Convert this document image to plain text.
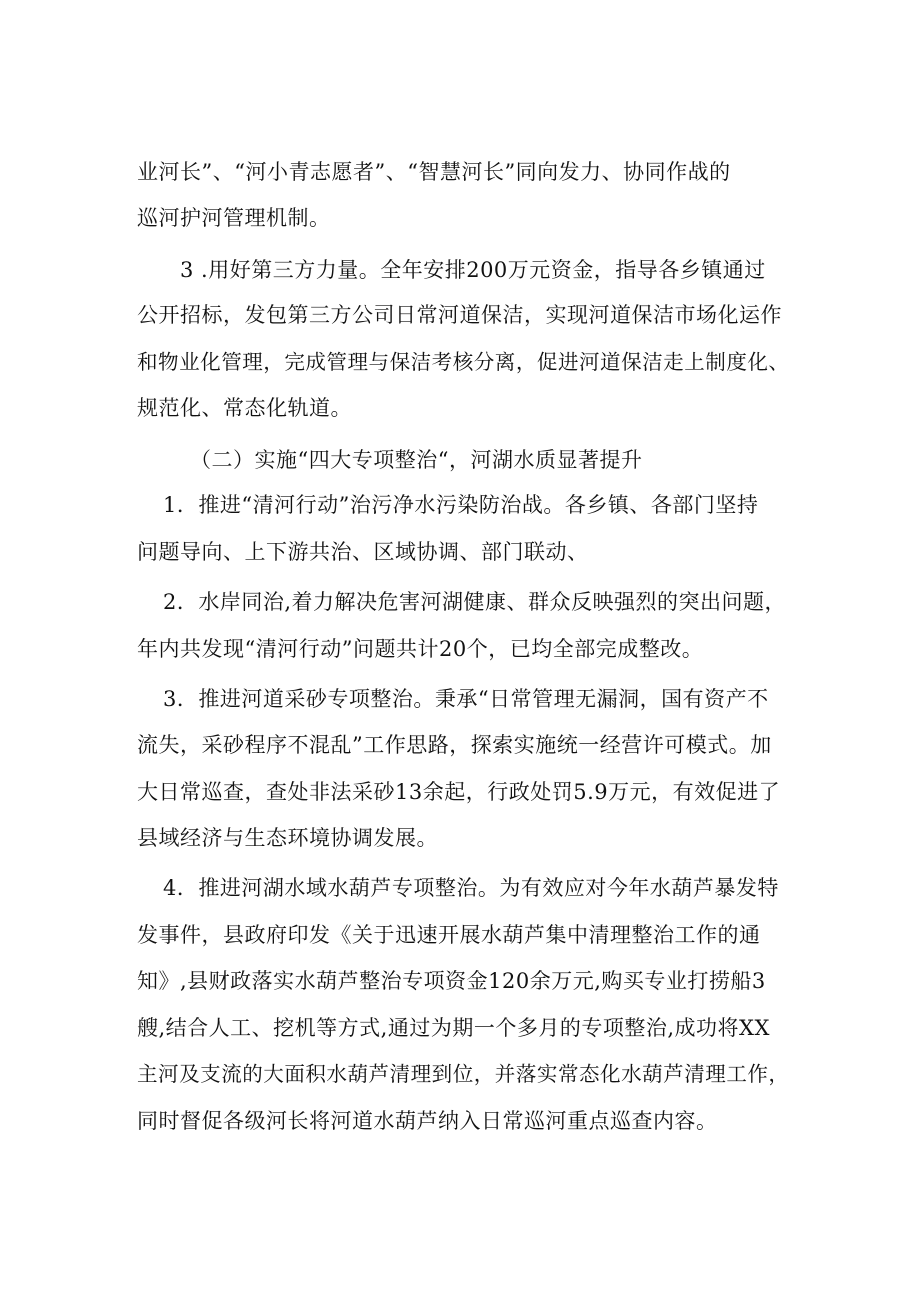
业河长”、“河小青志愿者”、“智慧河长”同向发力、协同作战的
巡河护河管理机制。
3 .用好第三方力量。全年安排200万元资金，指导各乡镇通过
公开招标，发包第三方公司日常河道保洁，实现河道保洁市场化运作
和物业化管理，完成管理与保洁考核分离，促进河道保洁走上制度化、
规范化、常态化轨道。
（二）实施“四大专项整治“，河湖水质显著提升
1．推进“清河行动”治污净水污染防治战。各乡镇、各部门坚持
问题导向、上下游共治、区域协调、部门联动、
2．水岸同治,着力解决危害河湖健康、群众反映强烈的突出问题，
年内共发现“清河行动”问题共计20个，已均全部完成整改。
3．推进河道采砂专项整治。秉承“日常管理无漏洞，国有资产不
流失，采砂程序不混乱”工作思路，探索实施统一经营许可模式。加
大日常巡查，查处非法采砂13余起，行政处罚5.9万元，有效促进了
县域经济与生态环境协调发展。
4．推进河湖水域水葫芦专项整治。为有效应对今年水葫芦暴发特
发事件，县政府印发《关于迅速开展水葫芦集中清理整治工作的通
知》,县财政落实水葫芦整治专项资金120余万元,购买专业打捞船3
艘,结合人工、挖机等方式,通过为期一个多月的专项整治,成功将XX
主河及支流的大面积水葫芦清理到位，并落实常态化水葫芦清理工作，
同时督促各级河长将河道水葫芦纳入日常巡河重点巡查内容。
